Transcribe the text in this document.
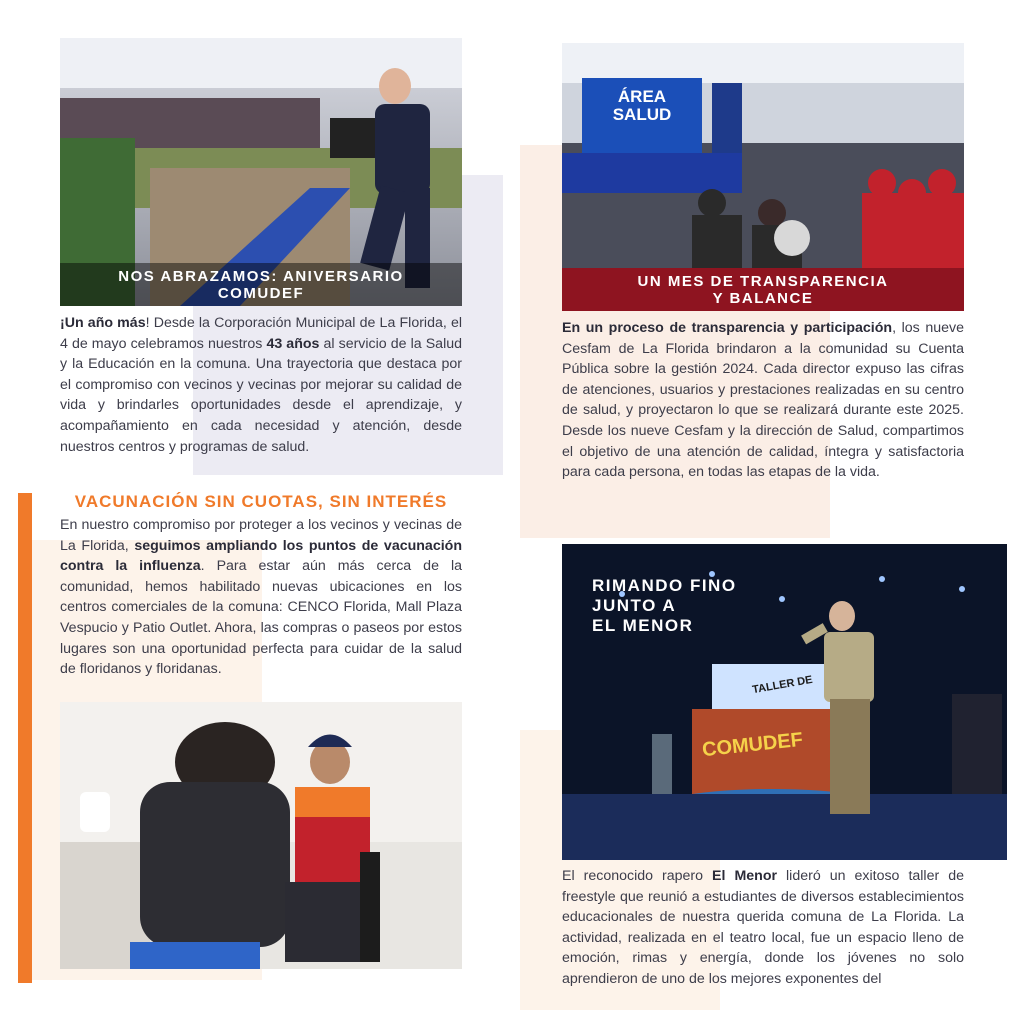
NOS ABRAZAMOS: ANIVERSARIO
COMUDEF
¡Un año más! Desde la Corporación Municipal de La Florida, el 4 de mayo celebramos nuestros 43 años al servicio de la Salud y la Educación en la comuna. Una trayectoria que destaca por el compromiso con vecinos y vecinas por mejorar su calidad de vida y brindarles oportunidades desde el aprendizaje, y acompañamiento en cada necesidad y atención, desde nuestros centros y programas de salud.
ÁREA
SALUD
UN MES DE TRANSPARENCIA
Y BALANCE
En un proceso de transparencia y participación, los nueve Cesfam de La Florida brindaron a la comunidad su Cuenta Pública sobre la gestión 2024. Cada director expuso las cifras de atenciones, usuarios y prestaciones realizadas en su centro de salud, y proyectaron lo que se realizará durante este 2025. Desde los nueve Cesfam y la dirección de Salud, compartimos el objetivo de una atención de calidad, íntegra y satisfactoria para cada persona, en todas las etapas de la vida.
VACUNACIÓN SIN CUOTAS, SIN INTERÉS
En nuestro compromiso por proteger a los vecinos y vecinas de La Florida, seguimos ampliando los puntos de vacunación contra la influenza. Para estar aún más cerca de la comunidad, hemos habilitado nuevas ubicaciones en los centros comerciales de la comuna: CENCO Florida, Mall Plaza Vespucio y Patio Outlet. Ahora, las compras o paseos por estos lugares son una oportunidad perfecta para cuidar de la salud de floridanos y floridanas.
COMUDEF
TALLER DE
RIMANDO FINO
JUNTO A
EL MENOR
El reconocido rapero El Menor lideró un exitoso taller de freestyle que reunió a estudiantes de diversos establecimientos educacionales de nuestra querida comuna de La Florida. La actividad, realizada en el teatro local, fue un espacio lleno de emoción, rimas y energía, donde los jóvenes no solo aprendieron de uno de los mejores exponentes del
